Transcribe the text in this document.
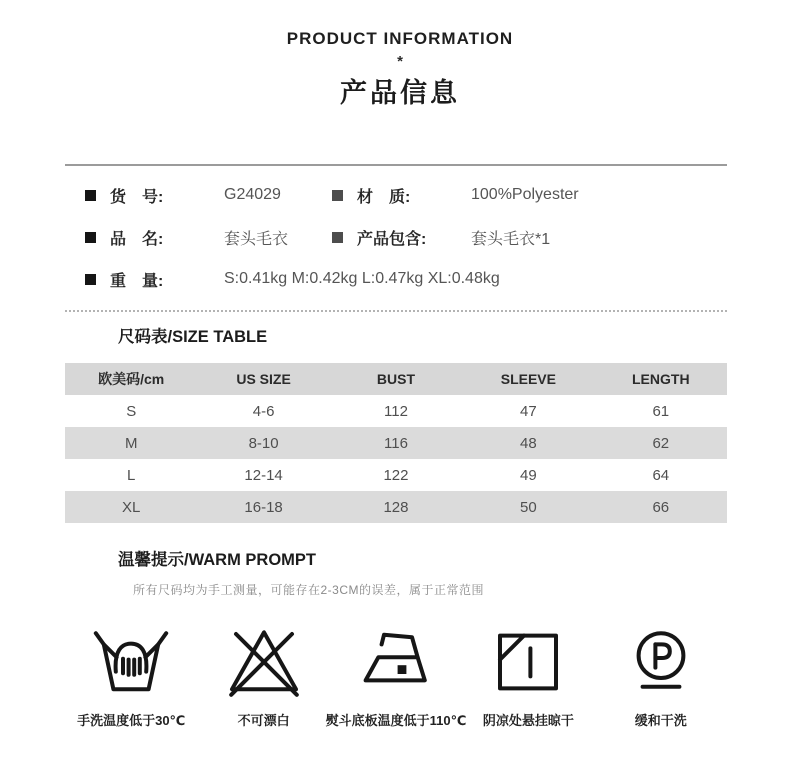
PRODUCT INFORMATION
*
产品信息
货　号:	G24029	材　质:	100%Polyester
品　名:	套头毛衣	产品包含:	套头毛衣*1
重　量:	S:0.41kg M:0.42kg L:0.47kg XL:0.48kg
尺码表/SIZE TABLE
欧美码/cm	US SIZE	BUST	SLEEVE	LENGTH
S	4-6	112	47	61
M	8-10	116	48	62
L	12-14	122	49	64
XL	16-18	128	50	66
温馨提示/WARM PROMPT

所有尺码均为手工测量，可能存在2-3CM的误差，属于正常范围

手洗温度低于30℃	不可漂白	熨斗底板温度低于110℃ 阴凉处悬挂晾干	缓和干洗
